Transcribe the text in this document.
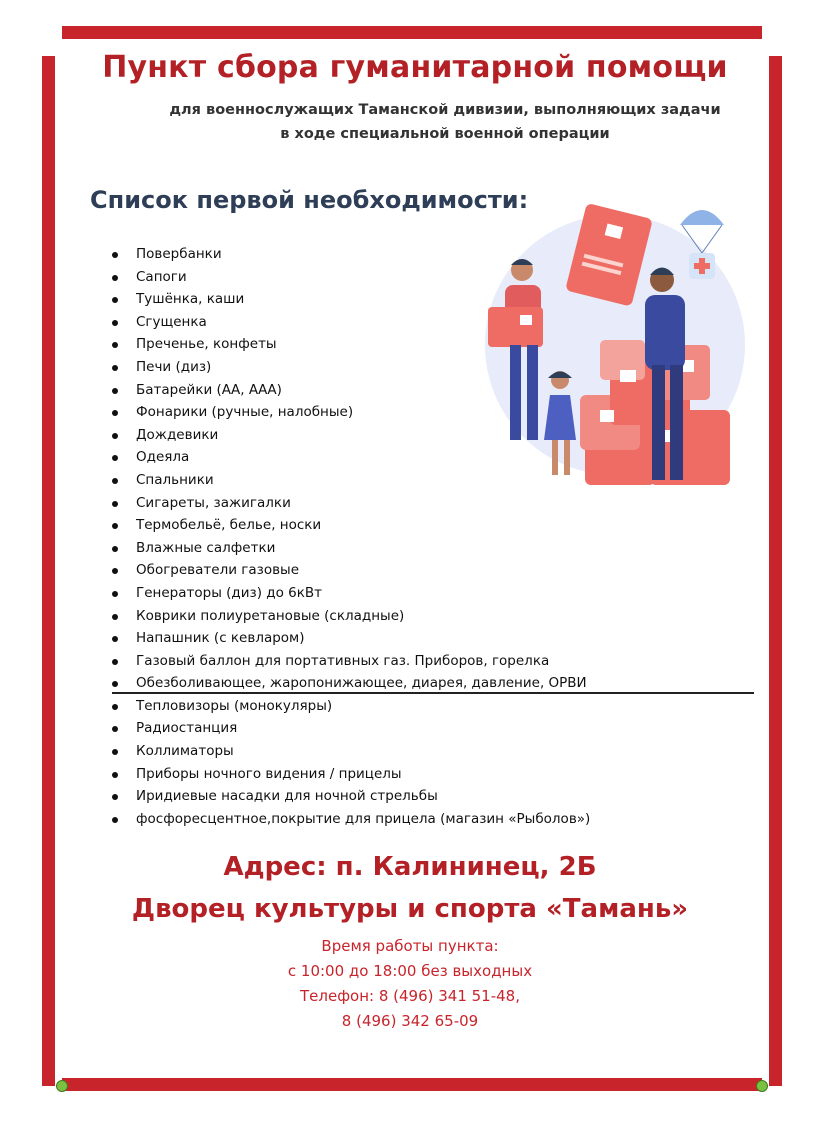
Пункт сбора гуманитарной помощи
для военнослужащих Таманской дивизии, выполняющих задачи
в ходе специальной военной операции
Список первой необходимости:
Повербанки
Сапоги
Тушёнка, каши
Сгущенка
Пpеченье, конфеты
Печи (диз)
Батарейки (АА, ААА)
Фонарики (ручные, налобные)
Дождевики
Одеяла
Спальники
Сигареты, зажигалки
Термобельё, белье, носки
Влажные салфетки
Обогреватели газовые
Генераторы (диз) до 6кВт
Коврики полиуретановые (складные)
Напашник (с кевларом)
Газовый баллон для портативных газ. Приборов, горелка
Обезболивающее, жаропонижающее, диарея, давление, ОРВИ
Тепловизоры (монокуляры)
Радиостанция
Коллиматоры
Приборы ночного видения / прицелы
Иридиевые насадки для ночной стрельбы
фосфоресцентное,покрытие для прицела (магазин «Рыболов»)
Адрес: п. Калининец, 2Б
Дворец культуры и спорта «Тамань»
Время работы пункта:
с 10:00 до 18:00 без выходных
Телефон: 8 (496) 341 51-48,
8 (496) 342 65-09
